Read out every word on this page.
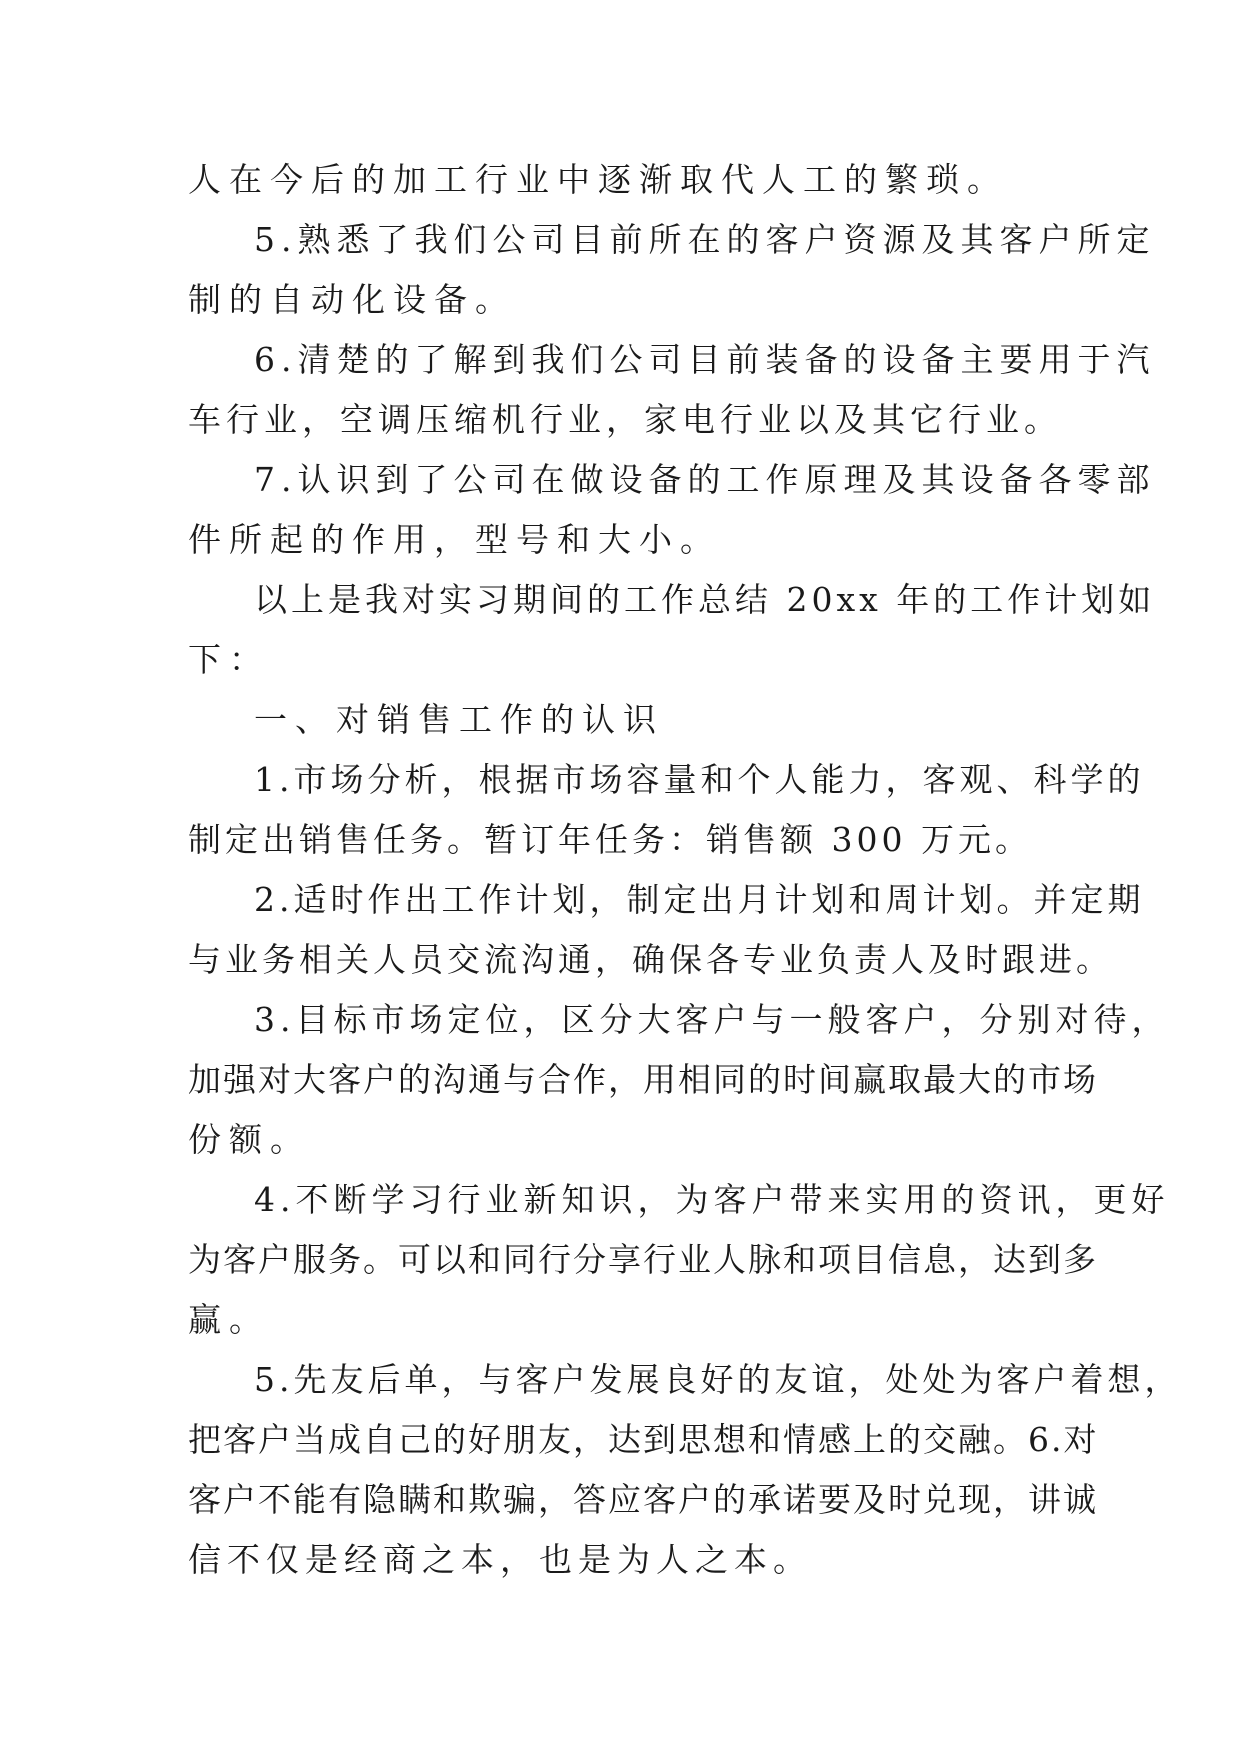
人在今后的加工行业中逐渐取代人工的繁琐。
5.熟悉了我们公司目前所在的客户资源及其客户所定
制的自动化设备。
6.清楚的了解到我们公司目前装备的设备主要用于汽
车行业，空调压缩机行业，家电行业以及其它行业。
7.认识到了公司在做设备的工作原理及其设备各零部
件所起的作用，型号和大小。
以上是我对实习期间的工作总结 20xx 年的工作计划如
下：
一、对销售工作的认识
1.市场分析，根据市场容量和个人能力，客观、科学的
制定出销售任务。暂订年任务：销售额 300 万元。
2.适时作出工作计划，制定出月计划和周计划。并定期
与业务相关人员交流沟通，确保各专业负责人及时跟进。
3.目标市场定位，区分大客户与一般客户，分别对待，
加强对大客户的沟通与合作，用相同的时间赢取最大的市场
份额。
4.不断学习行业新知识，为客户带来实用的资讯，更好
为客户服务。可以和同行分享行业人脉和项目信息，达到多
赢。
5.先友后单，与客户发展良好的友谊，处处为客户着想，
把客户当成自己的好朋友，达到思想和情感上的交融。6.对
客户不能有隐瞒和欺骗，答应客户的承诺要及时兑现，讲诚
信不仅是经商之本，也是为人之本。
